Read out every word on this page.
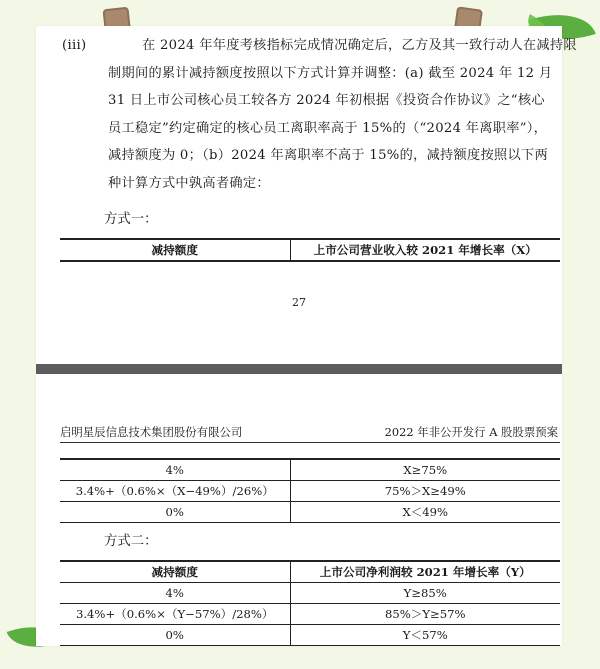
(iii)	在 2024 年年度考核指标完成情况确定后，乙方及其一致行动人在减持限
制期间的累计减持额度按照以下方式计算并调整：(a) 截至 2024 年 12 月
31 日上市公司核心员工较各方 2024 年初根据《投资合作协议》之“核心
员工稳定”约定确定的核心员工离职率高于 15%的（“2024 年离职率”），
减持额度为 0；（b）2024 年离职率不高于 15%的，减持额度按照以下两
种计算方式中孰高者确定：
方式一：
减持额度	上市公司营业收入较 2021 年增长率（X）
27
启明星辰信息技术集团股份有限公司	2022 年非公开发行 A 股股票预案
4%	X≥75%
3.4%+（0.6%×（X−49%）/26%）	75%＞X≥49%
0%	X＜49%
方式二：
减持额度	上市公司净利润较 2021 年增长率（Y）
4%	Y≥85%
3.4%+（0.6%×（Y−57%）/28%）	85%＞Y≥57%
0%	Y＜57%
